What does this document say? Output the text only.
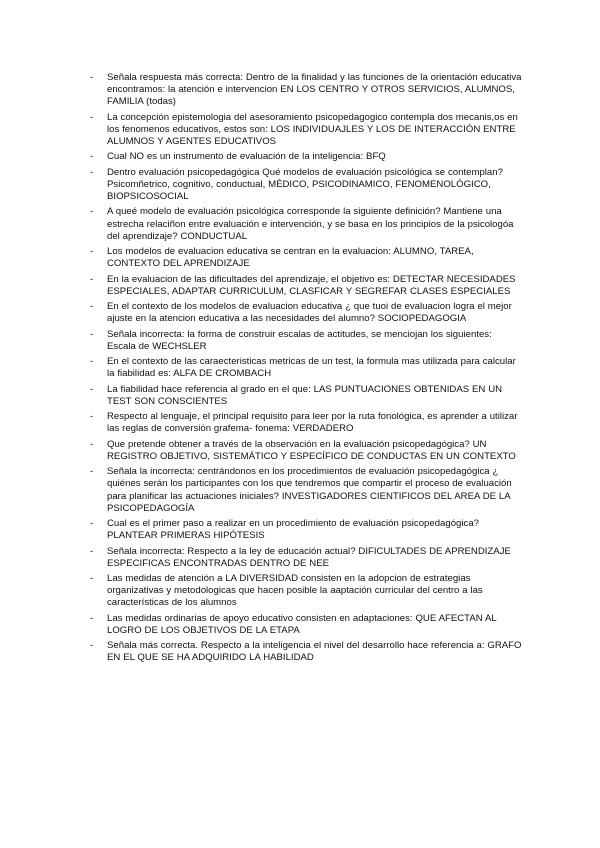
-	Señala respuesta más correcta: Dentro de la finalidad y las funciones de la orientación educativa encontramos: la atención e intervencion EN LOS CENTRO Y OTROS SERVICIOS, ALUMNOS, FAMILIA (todas)
-	La concepción epistemologia del asesoramiento psicopedagogico contempla dos mecanis,os en los fenomenos educativos, estos son: LOS INDIVIDUAJLES Y LOS DE INTERACCIÓN ENTRE ALUMNOS Y AGENTES EDUCATIVOS
-	Cual NO es un instrumento de evaluación de la inteligencia: BFQ
-	Dentro evaluación psicopedagógica Qué modelos de evaluación psicológica se contemplan? Psicomñetrico, cognitivo, conductual, MÉDICO, PSICODINAMICO, FENOMENOLÓGICO, BIOPSICOSOCIAL
-	A queé modelo de evaluación psicológica corresponde la siguiente definición? Mantiene una estrecha relaciñon entre evaluación e intervención, y se basa en los principios de la psicologóa del aprendizaje? CONDUCTUAL
-	Los modelos de evaluacion educativa se centran en la evaluacion: ALUMNO, TAREA, CONTEXTO DEL APRENDIZAJE
-	En la evaluacion de las dificultades del aprendizaje, el objetivo es: DETECTAR NECESIDADES ESPECIALES, ADAPTAR CURRICULUM, CLASFICAR Y SEGREFAR CLASES ESPECIALES
-	En el contexto de los modelos de evaluacion educativa ¿ que tuoi de evaluacion logra el mejor ajuste en la atencion educativa a las necesidades del alumno? SOCIOPEDAGOGIA
-	Señala incorrecta: la forma de construir escalas de actitudes, se menciojan los siguientes: Escala de WECHSLER
-	En el contexto de las caraecteristicas metricas de un test, la formula mas utilizada para calcular la fiabilidad es: ALFA DE CROMBACH
-	La fiabilidad hace referencia al grado en el que: LAS PUNTUACIONES OBTENIDAS EN UN TEST SON CONSCIENTES
-	Respecto al lenguaje, el principal requisito para leer por la ruta fonológica, es aprender a utilizar las reglas de conversión grafema- fonema: VERDADERO
-	Que pretende obtener a través de la observación en la evaluación psicopedagógica? UN REGISTRO OBJETIVO, SISTEMÁTICO Y ESPECÍFICO DE CONDUCTAS EN UN CONTEXTO
-	Señala la incorrecta: centrándonos en los procedimientos de evaluación psicopedagógica ¿ quiénes serán los participantes con los que tendremos que compartir el proceso de evaluación para planificar las actuaciones iniciales? INVESTIGADORES CIENTIFICOS DEL AREA DE LA PSICOPEDAGOGÍA
-	Cual es el primer paso a realizar en un procedimiento de evaluación psicopedagógica? PLANTEAR PRIMERAS HIPÓTESIS
-	Señala incorrecta: Respecto a la ley de educación actual? DIFICULTADES DE APRENDIZAJE ESPECIFICAS ENCONTRADAS DENTRO DE NEE
-	Las medidas de atención a LA DIVERSIDAD consisten en la adopcion de estrategias organizativas y metodologicas que hacen posible la aaptación curricular del centro a las características de los alumnos
-	Las medidas ordinarias de apoyo educativo consisten en adaptaciones: QUE AFECTAN AL LOGRO DE LOS OBJETIVOS DE LA ETAPA
-	Señala más correcta. Respecto a la inteligencia el nivel del desarrollo hace referencia a: GRAFO EN EL QUE SE HA ADQUIRIDO LA HABILIDAD
